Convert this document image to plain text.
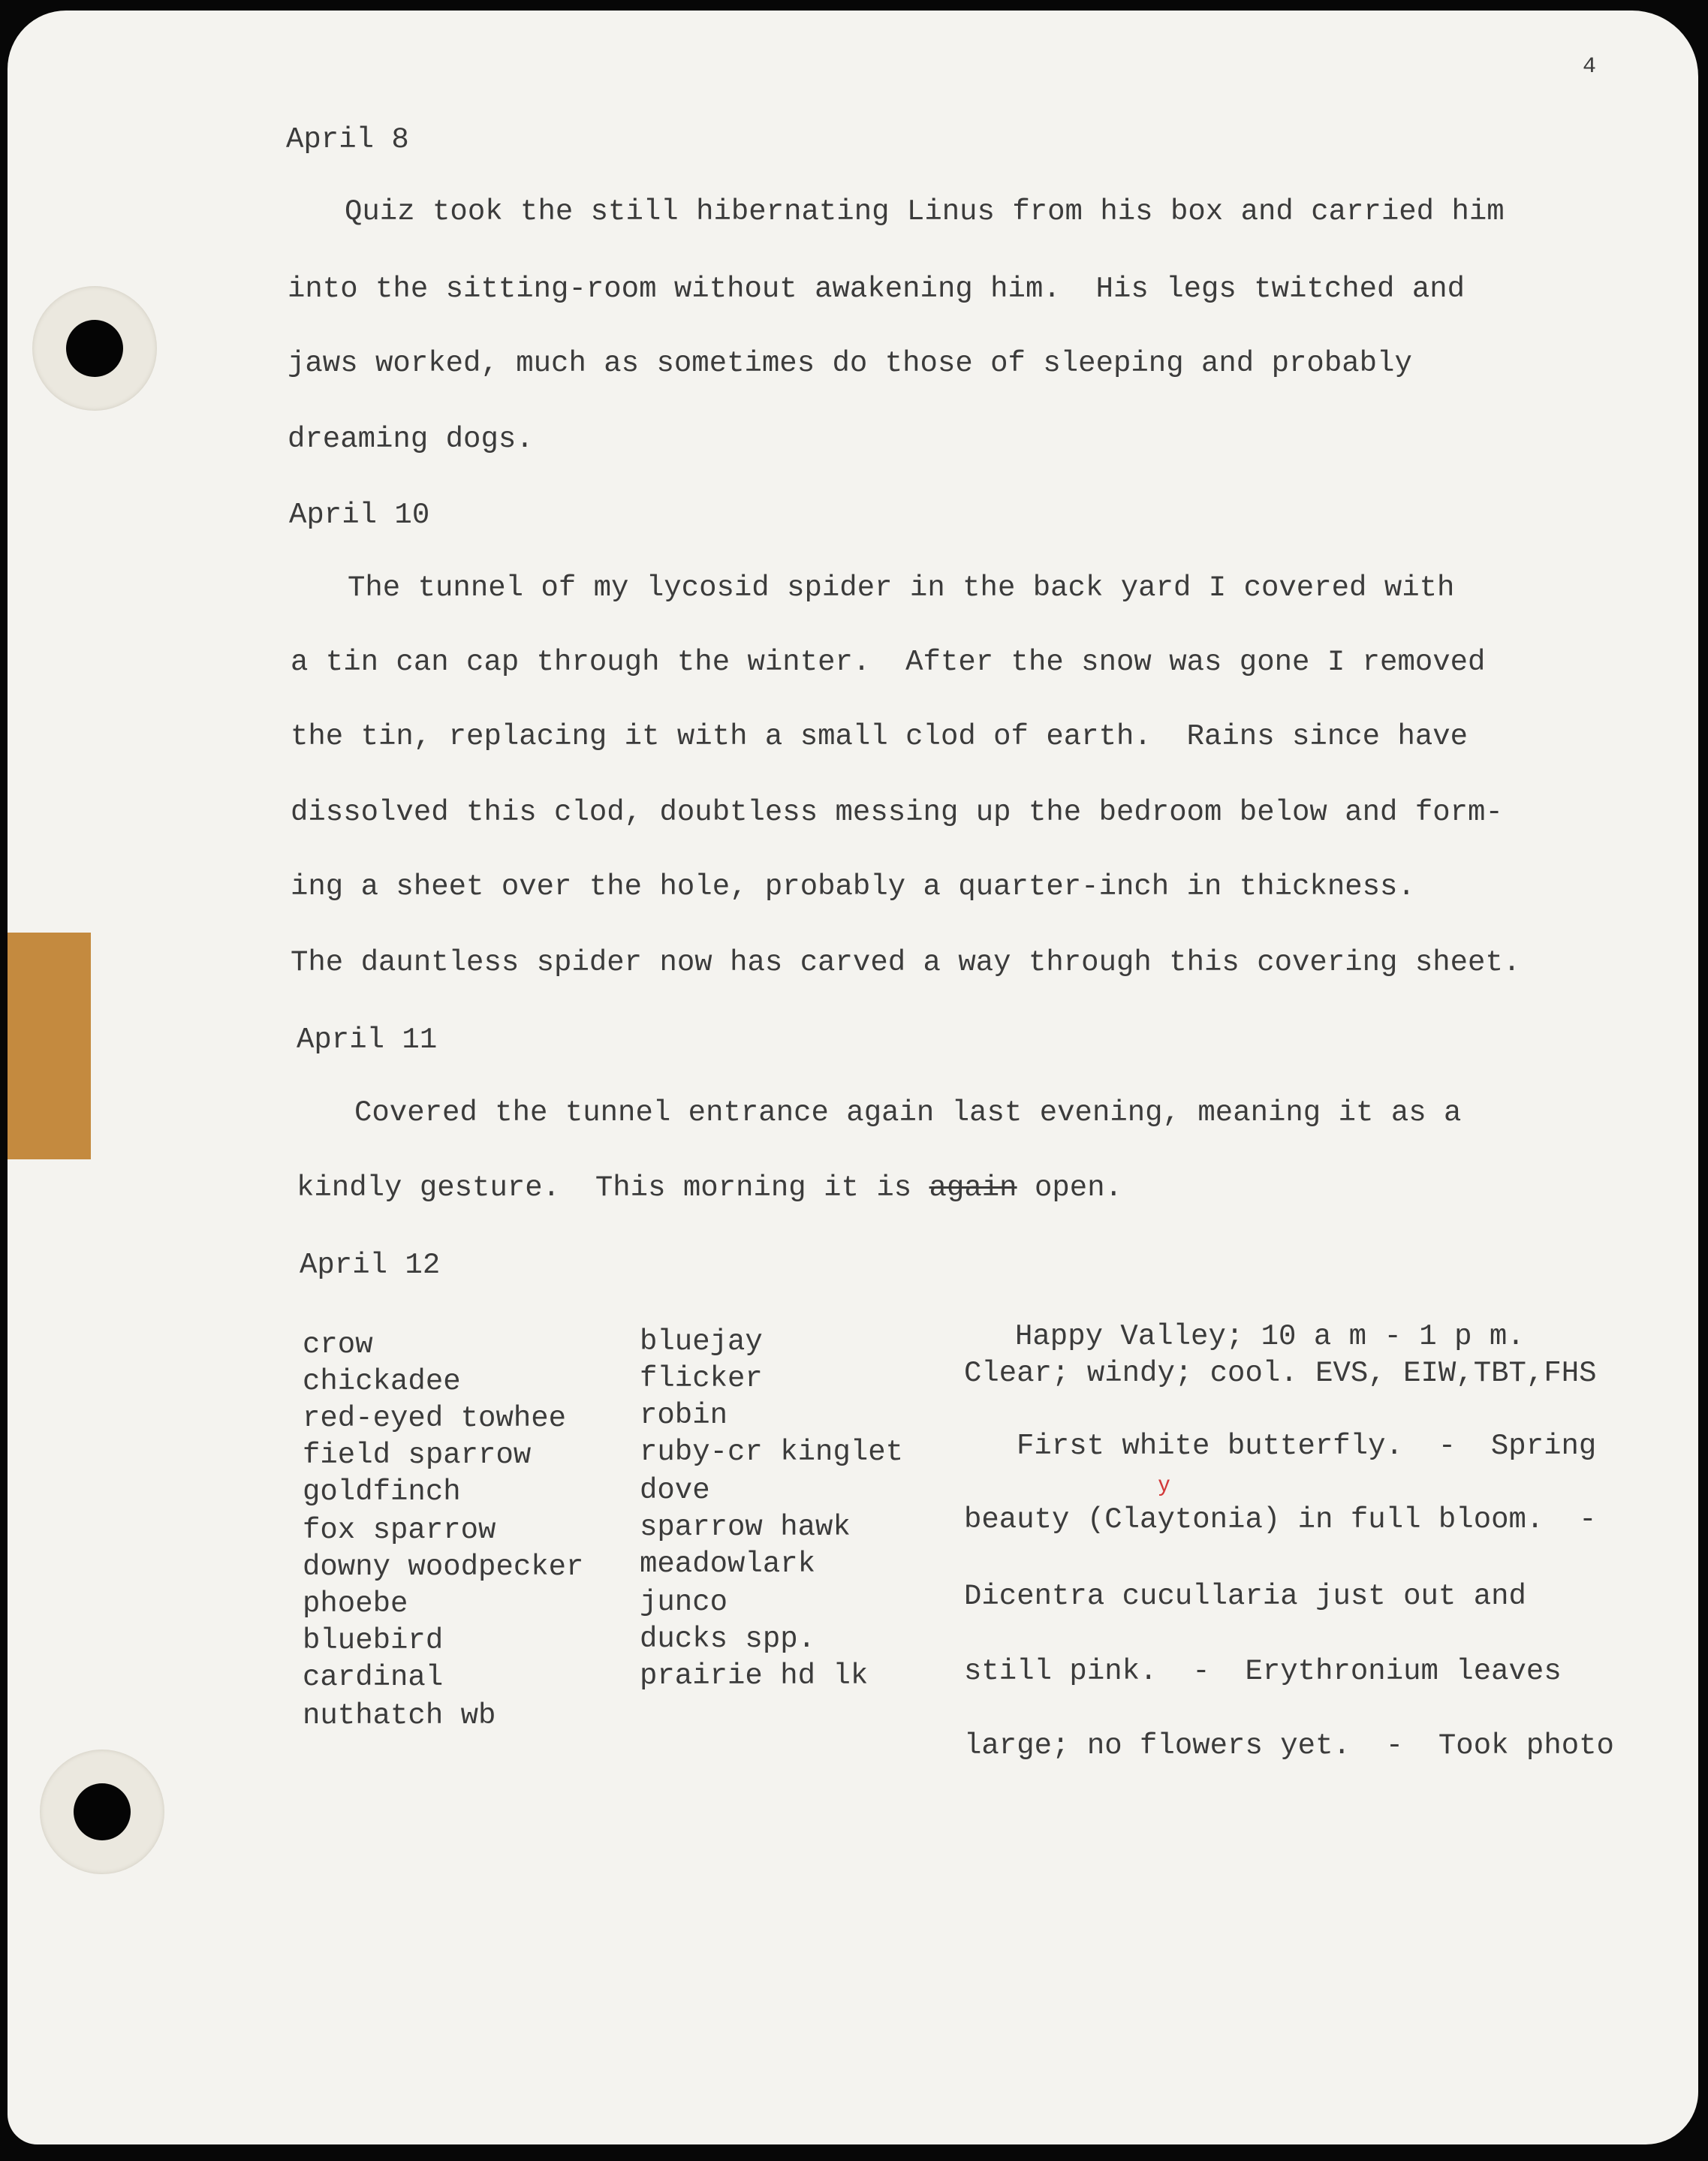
4
April 8
Quiz took the still hibernating Linus from his box and carried him
into the sitting-room without awakening him.  His legs twitched and
jaws worked, much as sometimes do those of sleeping and probably
dreaming dogs.
April 10
The tunnel of my lycosid spider in the back yard I covered with
a tin can cap through the winter.  After the snow was gone I removed
the tin, replacing it with a small clod of earth.  Rains since have
dissolved this clod, doubtless messing up the bedroom below and form-
ing a sheet over the hole, probably a quarter-inch in thickness.
The dauntless spider now has carved a way through this covering sheet.
April 11
Covered the tunnel entrance again last evening, meaning it as a
kindly gesture.  This morning it is again open.
April 12
crow
chickadee
red-eyed towhee
field sparrow
goldfinch
fox sparrow
downy woodpecker
phoebe
bluebird
cardinal
nuthatch wb
bluejay
flicker
robin
ruby-cr kinglet
dove
sparrow hawk
meadowlark
junco
ducks spp.
prairie hd lk
Happy Valley; 10 a m - 1 p m.
Clear; windy; cool. EVS, EIW,TBT,FHS
First white butterfly.  -  Spring
beauty (Claytonia) in full bloom.  -
Dicentra cucullaria just out and
still pink.  -  Erythronium leaves
large; no flowers yet.  -  Took photo
y
